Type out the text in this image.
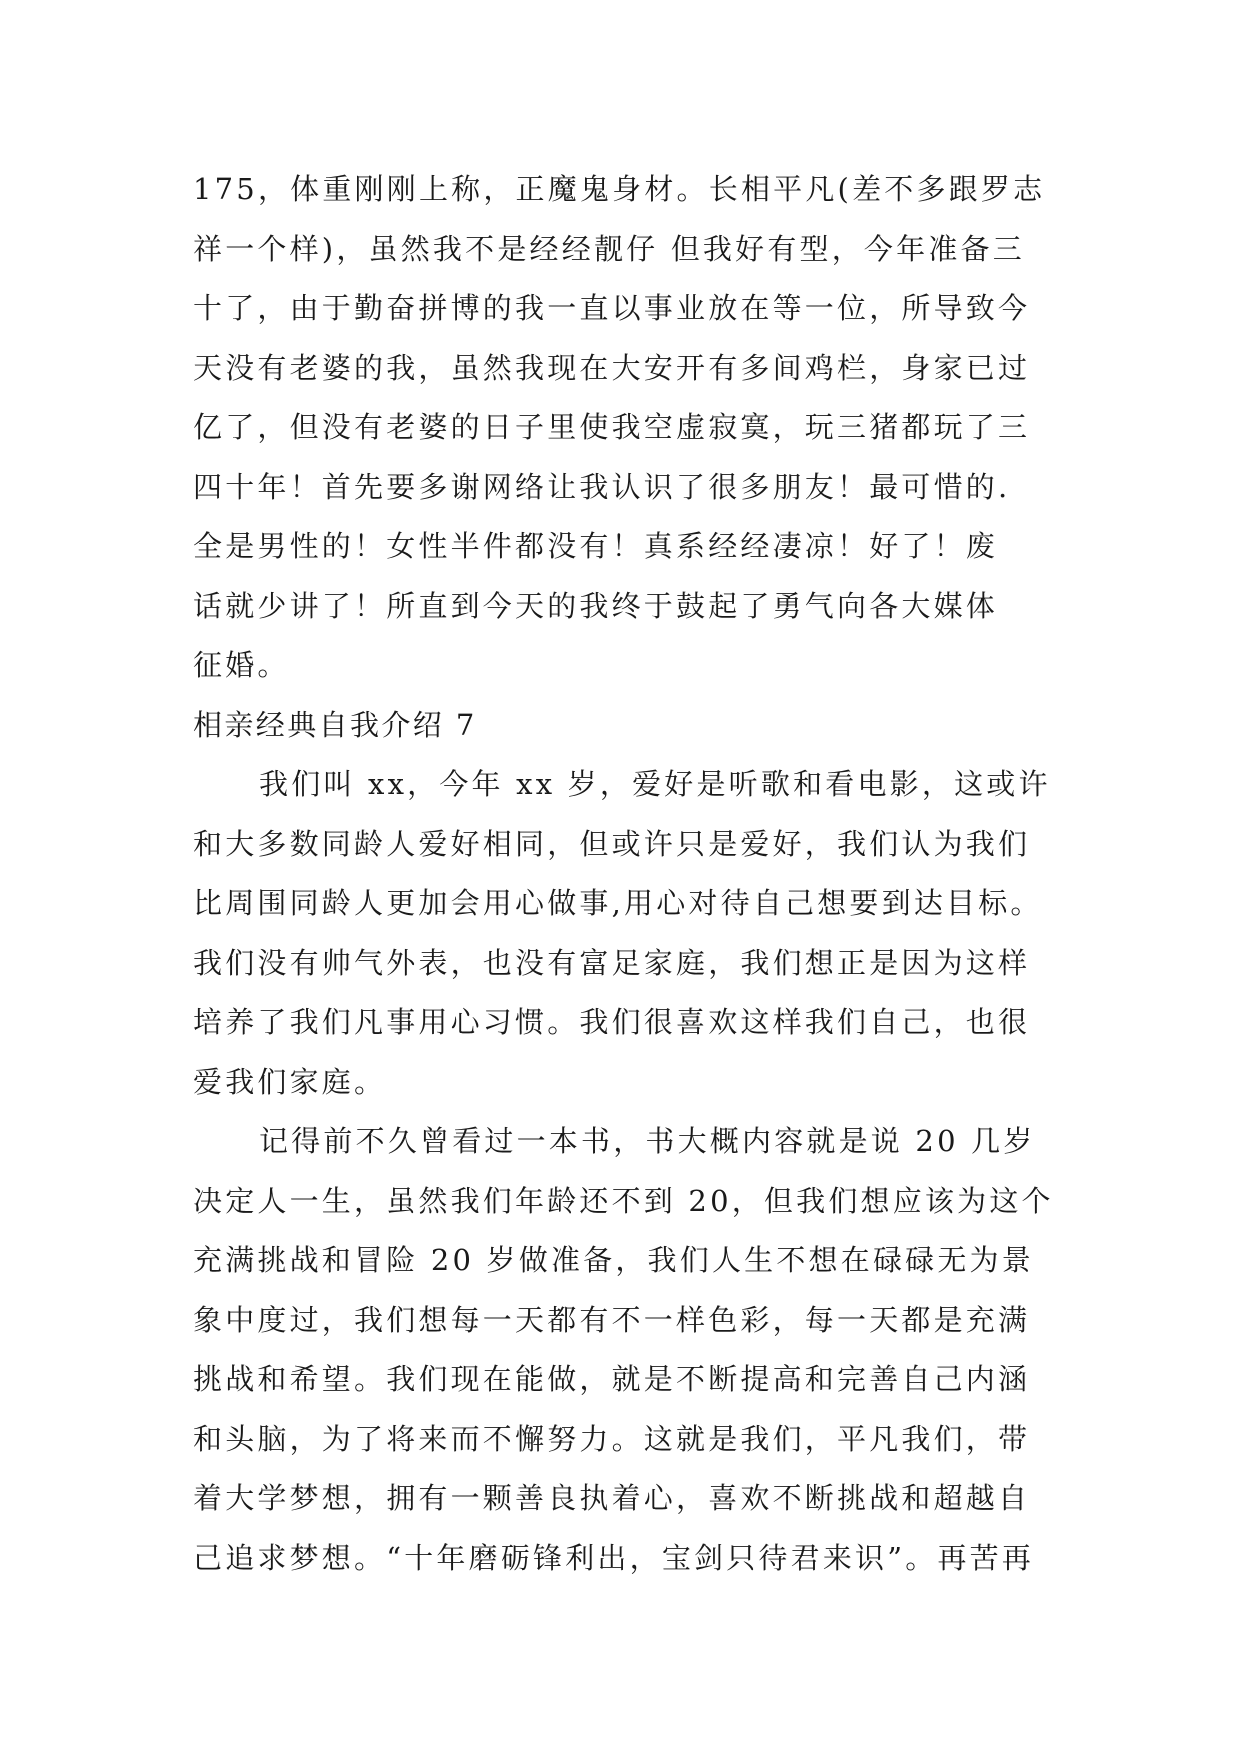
175，体重刚刚上称，正魔鬼身材。长相平凡(差不多跟罗志
祥一个样)，虽然我不是经经靓仔 但我好有型，今年准备三
十了，由于勤奋拼博的我一直以事业放在等一位，所导致今
天没有老婆的我，虽然我现在大安开有多间鸡栏，身家已过
亿了，但没有老婆的日子里使我空虚寂寞，玩三猪都玩了三
四十年！首先要多谢网络让我认识了很多朋友！最可惜的.
全是男性的！女性半件都没有！真系经经凄凉！好了！废
话就少讲了！所直到今天的我终于鼓起了勇气向各大媒体
征婚。
相亲经典自我介绍 7
我们叫 xx，今年 xx 岁，爱好是听歌和看电影，这或许
和大多数同龄人爱好相同，但或许只是爱好，我们认为我们
比周围同龄人更加会用心做事,用心对待自己想要到达目标。
我们没有帅气外表，也没有富足家庭，我们想正是因为这样
培养了我们凡事用心习惯。我们很喜欢这样我们自己，也很
爱我们家庭。
记得前不久曾看过一本书，书大概内容就是说 20 几岁
决定人一生，虽然我们年龄还不到 20，但我们想应该为这个
充满挑战和冒险 20 岁做准备，我们人生不想在碌碌无为景
象中度过，我们想每一天都有不一样色彩，每一天都是充满
挑战和希望。我们现在能做，就是不断提高和完善自己内涵
和头脑，为了将来而不懈努力。这就是我们，平凡我们，带
着大学梦想，拥有一颗善良执着心，喜欢不断挑战和超越自
己追求梦想。“十年磨砺锋利出，宝剑只待君来识”。再苦再
